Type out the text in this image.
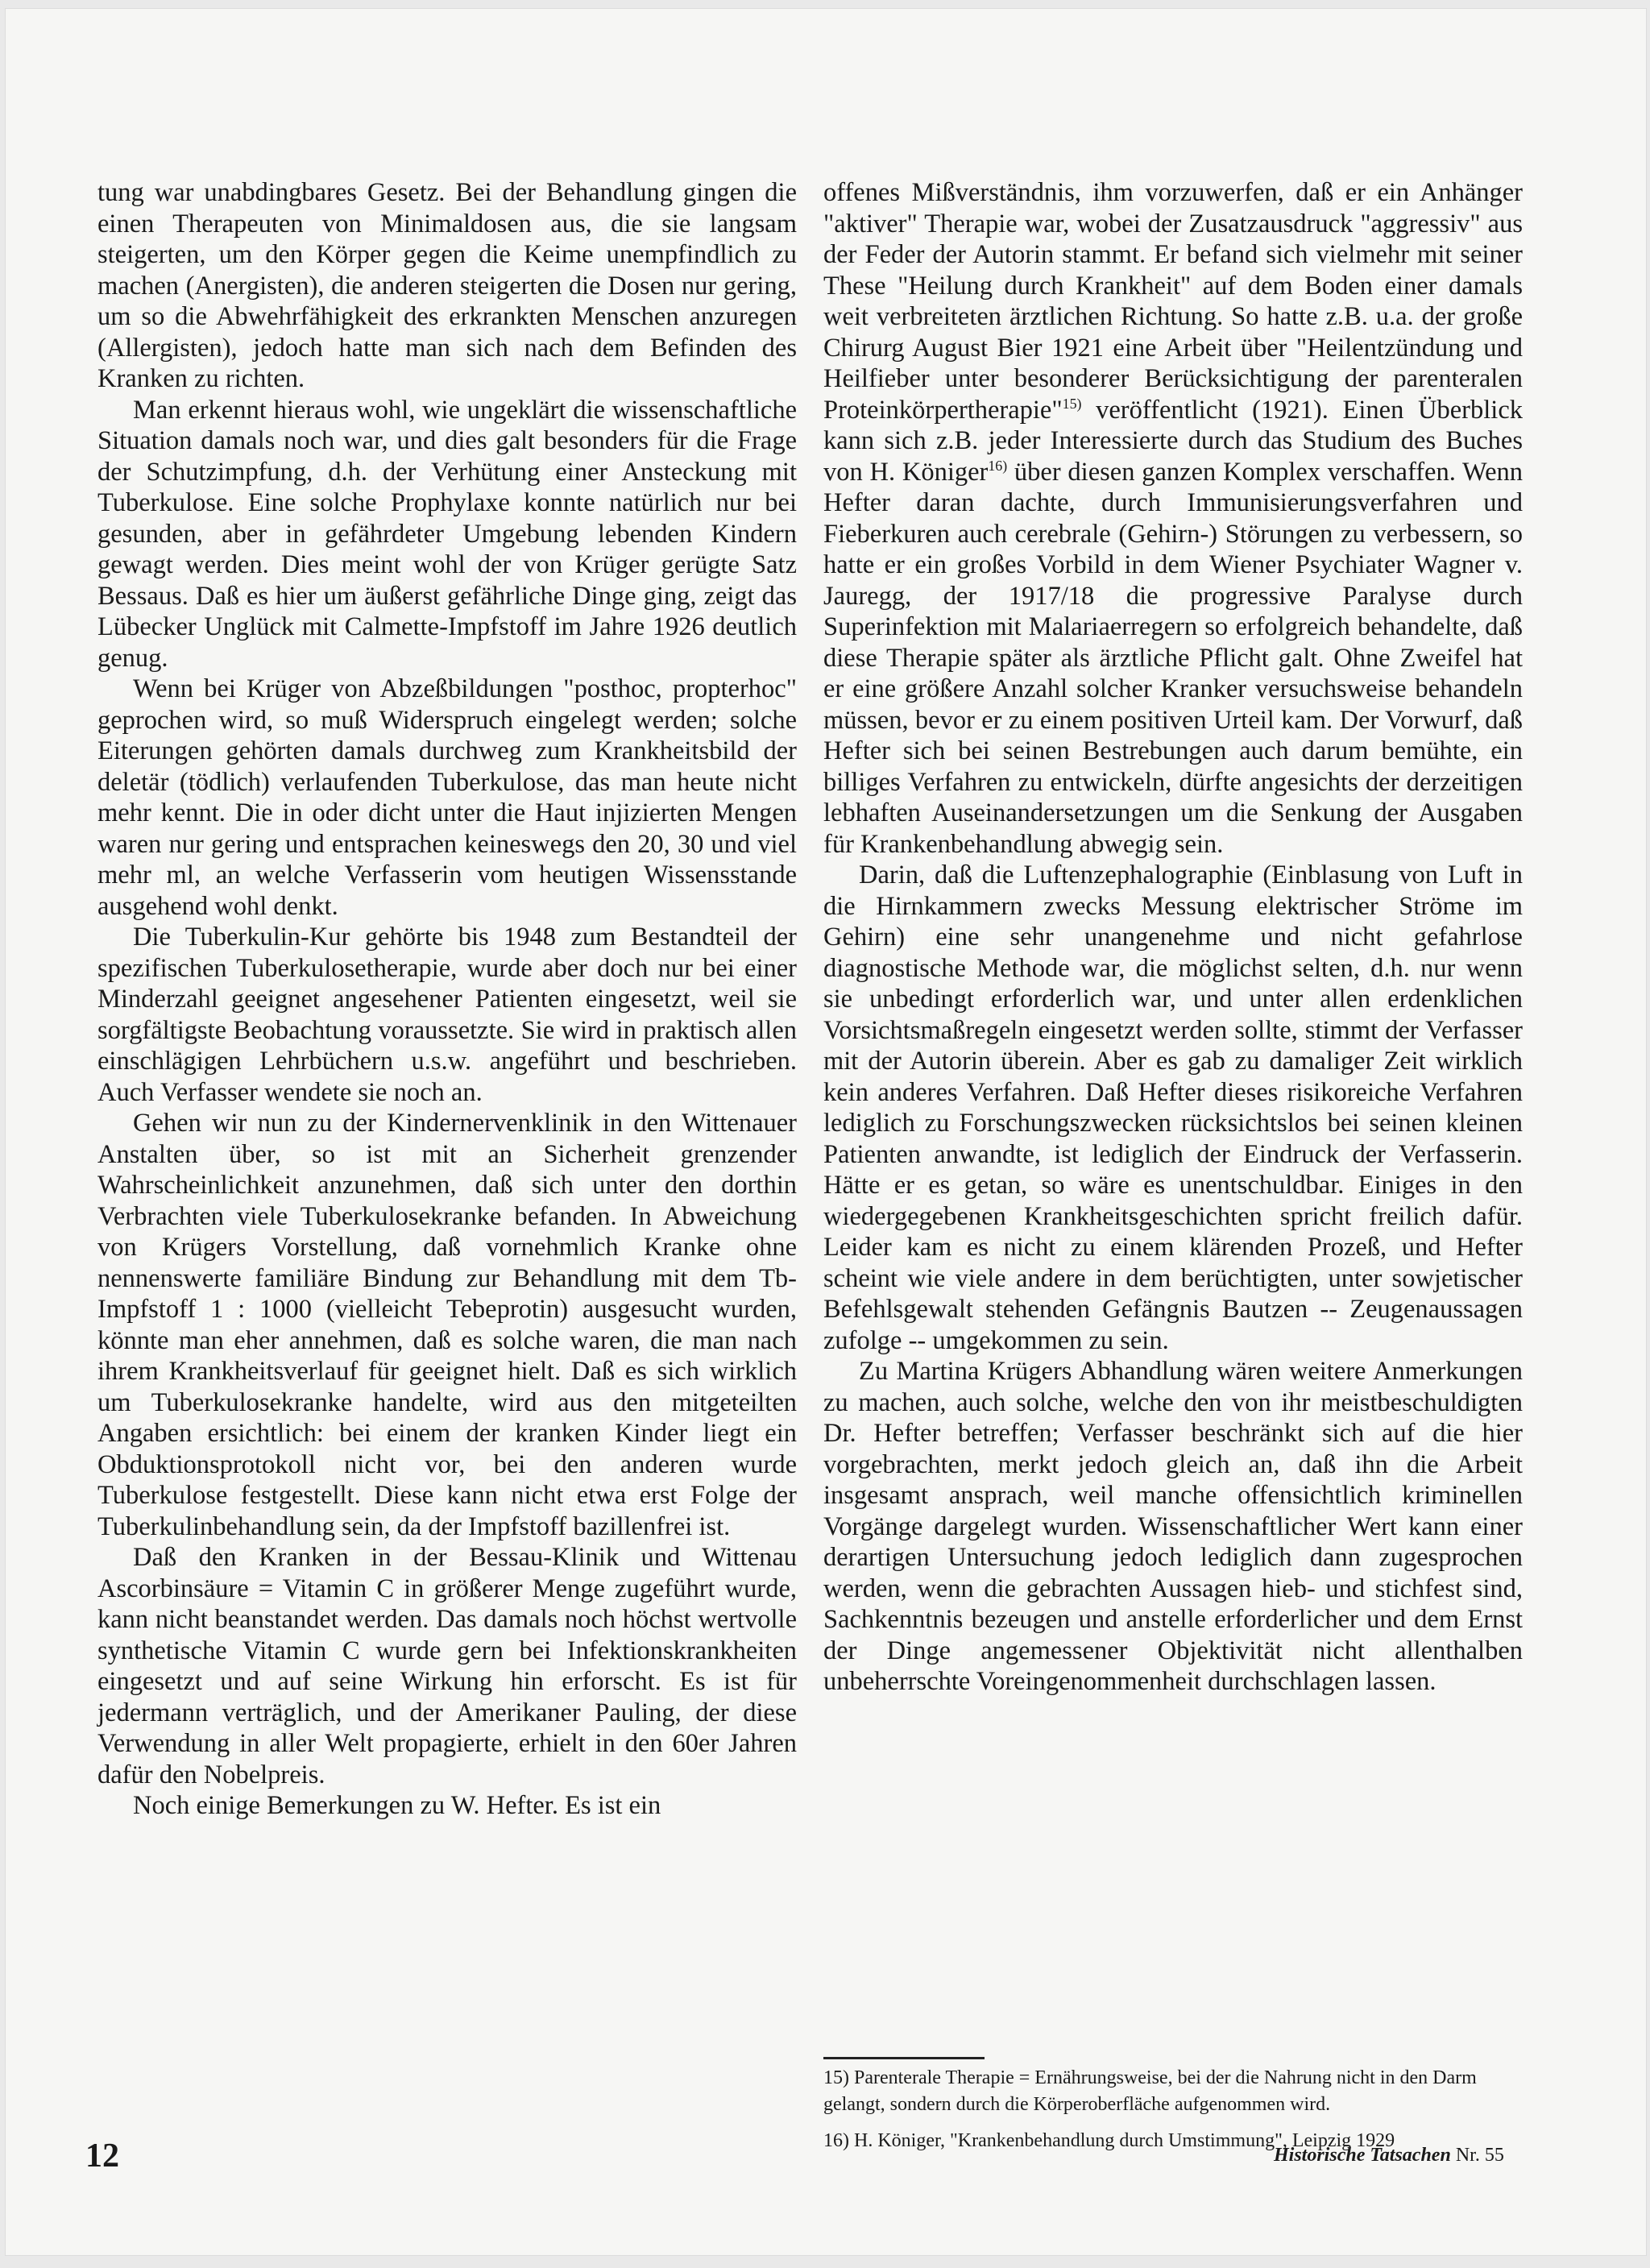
tung war unabdingbares Gesetz. Bei der Behandlung gingen die einen Therapeuten von Minimaldosen aus, die sie langsam steigerten, um den Körper gegen die Keime unempfindlich zu machen (Anergisten), die anderen steigerten die Dosen nur gering, um so die Abwehrfähigkeit des erkrankten Menschen anzuregen (Allergisten), jedoch hatte man sich nach dem Befinden des Kranken zu richten.

Man erkennt hieraus wohl, wie ungeklärt die wissenschaftliche Situation damals noch war, und dies galt besonders für die Frage der Schutzimpfung, d.h. der Verhütung einer Ansteckung mit Tuberkulose. Eine solche Prophylaxe konnte natürlich nur bei gesunden, aber in gefährdeter Umgebung lebenden Kindern gewagt werden. Dies meint wohl der von Krüger gerügte Satz Bessaus. Daß es hier um äußerst gefährliche Dinge ging, zeigt das Lübecker Unglück mit Calmette-Impfstoff im Jahre 1926 deutlich genug.

Wenn bei Krüger von Abzeßbildungen "posthoc, propterhoc" geprochen wird, so muß Widerspruch eingelegt werden; solche Eiterungen gehörten damals durchweg zum Krankheitsbild der deletär (tödlich) verlaufenden Tuberkulose, das man heute nicht mehr kennt. Die in oder dicht unter die Haut injizierten Mengen waren nur gering und entsprachen keineswegs den 20, 30 und viel mehr ml, an welche Verfasserin vom heutigen Wissensstande ausgehend wohl denkt.

Die Tuberkulin-Kur gehörte bis 1948 zum Bestandteil der spezifischen Tuberkulosetherapie, wurde aber doch nur bei einer Minderzahl geeignet angesehener Patienten eingesetzt, weil sie sorgfältigste Beobachtung voraussetzte. Sie wird in praktisch allen einschlägigen Lehrbüchern u.s.w. angeführt und beschrieben. Auch Verfasser wendete sie noch an.

Gehen wir nun zu der Kindernervenklinik in den Wittenauer Anstalten über, so ist mit an Sicherheit grenzender Wahrscheinlichkeit anzunehmen, daß sich unter den dorthin Verbrachten viele Tuberkulosekranke befanden. In Abweichung von Krügers Vorstellung, daß vornehmlich Kranke ohne nennenswerte familiäre Bindung zur Behandlung mit dem Tb-Impfstoff 1 : 1000 (vielleicht Tebeprotin) ausgesucht wurden, könnte man eher annehmen, daß es solche waren, die man nach ihrem Krankheitsverlauf für geeignet hielt. Daß es sich wirklich um Tuberkulosekranke handelte, wird aus den mitgeteilten Angaben ersichtlich: bei einem der kranken Kinder liegt ein Obduktionsprotokoll nicht vor, bei den anderen wurde Tuberkulose festgestellt. Diese kann nicht etwa erst Folge der Tuberkulinbehandlung sein, da der Impfstoff bazillenfrei ist.

Daß den Kranken in der Bessau-Klinik und Wittenau Ascorbinsäure = Vitamin C in größerer Menge zugeführt wurde, kann nicht beanstandet werden. Das damals noch höchst wertvolle synthetische Vitamin C wurde gern bei Infektionskrankheiten eingesetzt und auf seine Wirkung hin erforscht. Es ist für jedermann verträglich, und der Amerikaner Pauling, der diese Verwendung in aller Welt propagierte, erhielt in den 60er Jahren dafür den Nobelpreis.

Noch einige Bemerkungen zu W. Hefter. Es ist ein

offenes Mißverständnis, ihm vorzuwerfen, daß er ein Anhänger "aktiver" Therapie war, wobei der Zusatzausdruck "aggressiv" aus der Feder der Autorin stammt. Er befand sich vielmehr mit seiner These "Heilung durch Krankheit" auf dem Boden einer damals weit verbreiteten ärztlichen Richtung. So hatte z.B. u.a. der große Chirurg August Bier 1921 eine Arbeit über "Heilentzündung und Heilfieber unter besonderer Berücksichtigung der parenteralen Proteinkörpertherapie"$^{15)}$ veröffentlicht (1921). Einen Überblick kann sich z.B. jeder Interessierte durch das Studium des Buches von H. Königer$^{16)}$ über diesen ganzen Komplex verschaffen. Wenn Hefter daran dachte, durch Immunisierungsverfahren und Fieberkuren auch cerebrale (Gehirn-) Störungen zu verbessern, so hatte er ein großes Vorbild in dem Wiener Psychiater Wagner v. Jauregg, der 1917/18 die progressive Paralyse durch Superinfektion mit Malariaerregern so erfolgreich behandelte, daß diese Therapie später als ärztliche Pflicht galt. Ohne Zweifel hat er eine größere Anzahl solcher Kranker versuchsweise behandeln müssen, bevor er zu einem positiven Urteil kam. Der Vorwurf, daß Hefter sich bei seinen Bestrebungen auch darum bemühte, ein billiges Verfahren zu entwickeln, dürfte angesichts der derzeitigen lebhaften Auseinandersetzungen um die Senkung der Ausgaben für Krankenbehandlung abwegig sein.

Darin, daß die Luftenzephalographie (Einblasung von Luft in die Hirnkammern zwecks Messung elektrischer Ströme im Gehirn) eine sehr unangenehme und nicht gefahrlose diagnostische Methode war, die möglichst selten, d.h. nur wenn sie unbedingt erforderlich war, und unter allen erdenklichen Vorsichtsmaßregeln eingesetzt werden sollte, stimmt der Verfasser mit der Autorin überein. Aber es gab zu damaliger Zeit wirklich kein anderes Verfahren. Daß Hefter dieses risikoreiche Verfahren lediglich zu Forschungszwecken rücksichtslos bei seinen kleinen Patienten anwandte, ist lediglich der Eindruck der Verfasserin. Hätte er es getan, so wäre es unentschuldbar. Einiges in den wiedergegebenen Krankheitsgeschichten spricht freilich dafür. Leider kam es nicht zu einem klärenden Prozeß, und Hefter scheint wie viele andere in dem berüchtigten, unter sowjetischer Befehlsgewalt stehenden Gefängnis Bautzen -- Zeugenaussagen zufolge -- umgekommen zu sein.

Zu Martina Krügers Abhandlung wären weitere Anmerkungen zu machen, auch solche, welche den von ihr meistbeschuldigten Dr. Hefter betreffen; Verfasser beschränkt sich auf die hier vorgebrachten, merkt jedoch gleich an, daß ihn die Arbeit insgesamt ansprach, weil manche offensichtlich kriminellen Vorgänge dargelegt wurden. Wissenschaftlicher Wert kann einer derartigen Untersuchung jedoch lediglich dann zugesprochen werden, wenn die gebrachten Aussagen hieb- und stichfest sind, Sachkenntnis bezeugen und anstelle erforderlicher und dem Ernst der Dinge angemessener Objektivität nicht allenthalben unbeherrschte Voreingenommenheit durchschlagen lassen.

15) Parenterale Therapie = Ernährungsweise, bei der die Nahrung nicht in den Darm gelangt, sondern durch die Körperoberfläche aufgenommen wird.

16) H. Königer, "Krankenbehandlung durch Umstimmung", Leipzig 1929

12	Historische Tatsachen Nr. 55
